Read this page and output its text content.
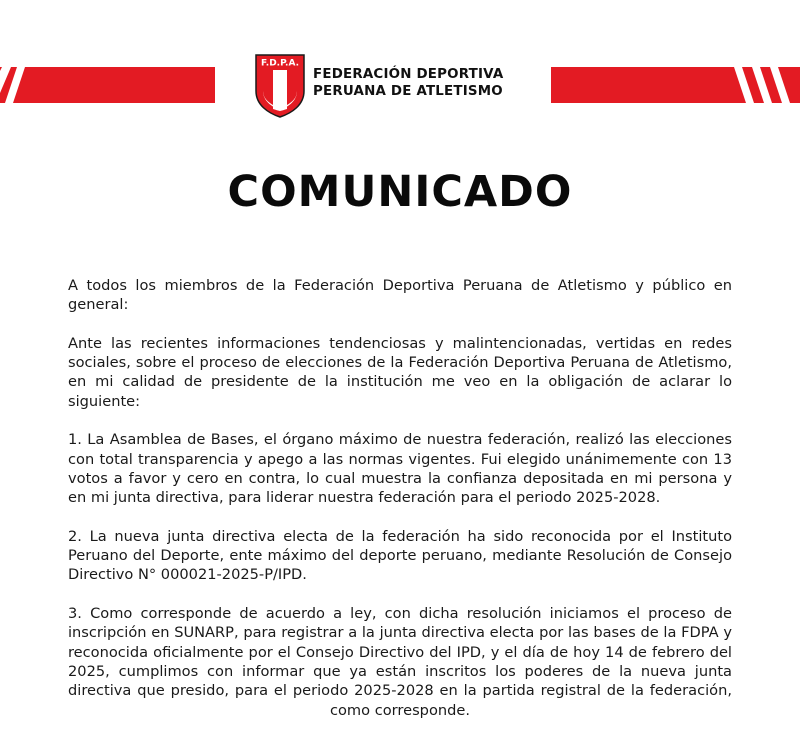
F.D.P.A.
FEDERACIÓN DEPORTIVA
PERUANA DE ATLETISMO
COMUNICADO

A todos los miembros de la Federación Deportiva Peruana de Atletismo y público en general:

Ante las recientes informaciones tendenciosas y malintencionadas, vertidas en redes sociales, sobre el proceso de elecciones de la Federación Deportiva Peruana de Atletismo, en mi calidad de presidente de la institución me veo en la obligación de aclarar lo siguiente:

1. La Asamblea de Bases, el órgano máximo de nuestra federación, realizó las elecciones con total transparencia y apego a las normas vigentes. Fui elegido unánimemente con 13 votos a favor y cero en contra, lo cual muestra la confianza depositada en mi persona y en mi junta directiva, para liderar nuestra federación para el periodo 2025-2028.

2. La nueva junta directiva electa de la federación ha sido reconocida por el Instituto Peruano del Deporte, ente máximo del deporte peruano, mediante Resolución de Consejo Directivo N° 000021-2025-P/IPD.

3. Como corresponde de acuerdo a ley, con dicha resolución iniciamos el proceso de inscripción en SUNARP, para registrar a la junta directiva electa por las bases de la FDPA y reconocida oficialmente por el Consejo Directivo del IPD, y el día de hoy 14 de febrero del 2025, cumplimos con informar que ya están inscritos los poderes de la nueva junta directiva que presido, para el periodo 2025-2028 en la partida registral de la federación, como corresponde.
